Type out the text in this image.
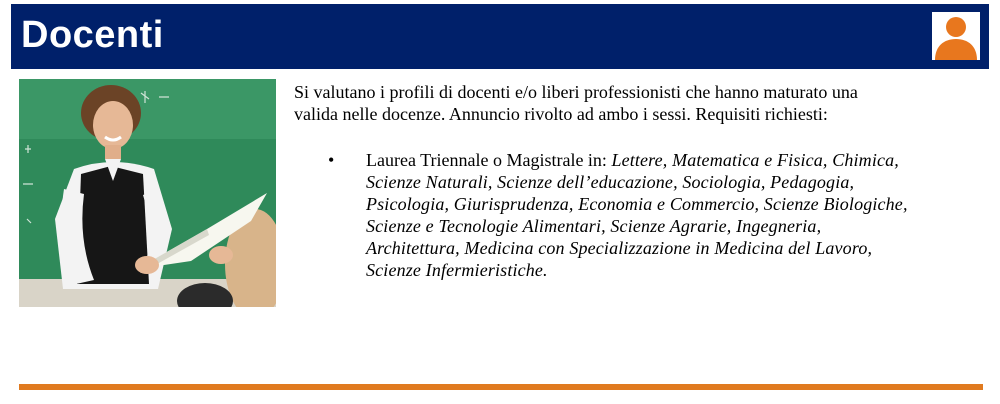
Docenti

Si valutano i profili di docenti e/o liberi professionisti che hanno maturato una valida nelle docenze. Annuncio rivolto ad ambo i sessi. Requisiti richiesti:

• Laurea Triennale o Magistrale in: Lettere, Matematica e Fisica, Chimica, Scienze Naturali, Scienze dell’educazione, Sociologia, Pedagogia, Psicologia, Giurisprudenza, Economia e Commercio, Scienze Biologiche, Scienze e Tecnologie Alimentari, Scienze Agrarie, Ingegneria, Architettura, Medicina con Specializzazione in Medicina del Lavoro, Scienze Infermieristiche.
